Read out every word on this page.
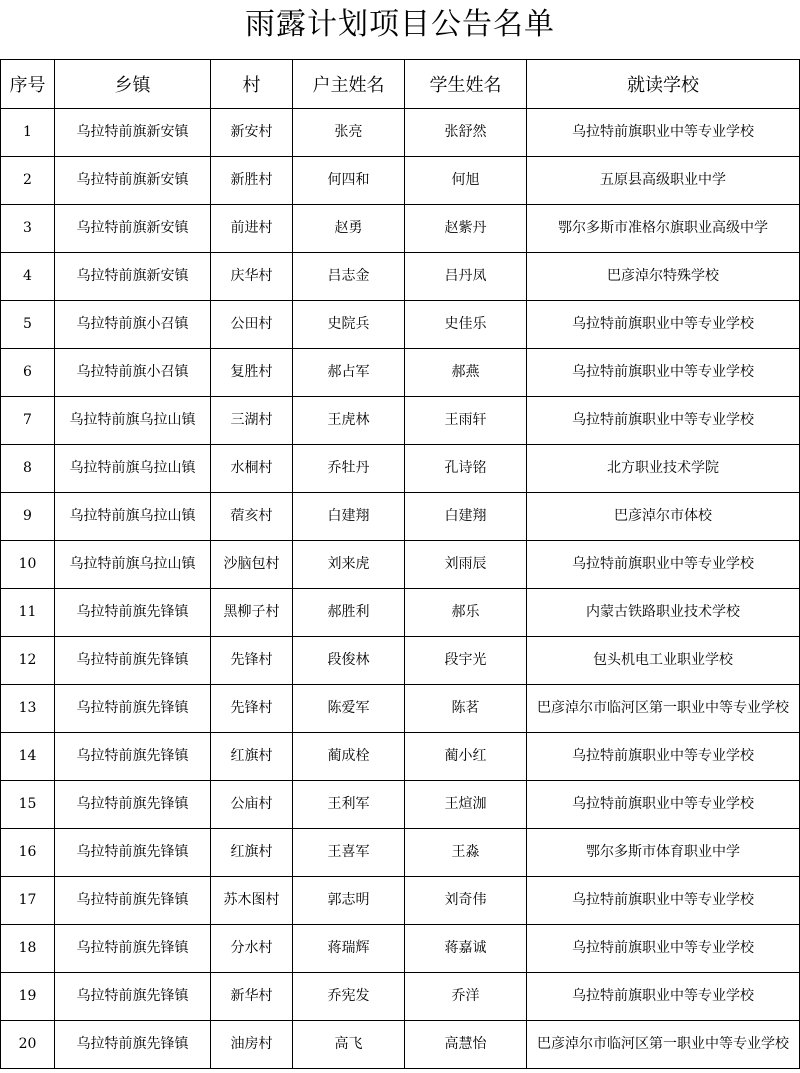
雨露计划项目公告名单
序号	乡镇	村	户主姓名	学生姓名	就读学校
1	乌拉特前旗新安镇	新安村	张亮	张舒然	乌拉特前旗职业中等专业学校
2	乌拉特前旗新安镇	新胜村	何四和	何旭	五原县高级职业中学
3	乌拉特前旗新安镇	前进村	赵勇	赵紫丹	鄂尔多斯市准格尔旗职业高级中学
4	乌拉特前旗新安镇	庆华村	吕志金	吕丹凤	巴彦淖尔特殊学校
5	乌拉特前旗小召镇	公田村	史院兵	史佳乐	乌拉特前旗职业中等专业学校
6	乌拉特前旗小召镇	复胜村	郝占军	郝燕	乌拉特前旗职业中等专业学校
7	乌拉特前旗乌拉山镇	三湖村	王虎林	王雨轩	乌拉特前旗职业中等专业学校
8	乌拉特前旗乌拉山镇	水桐村	乔牡丹	孔诗铭	北方职业技术学院
9	乌拉特前旗乌拉山镇	蓿亥村	白建翔	白建翔	巴彦淖尔市体校
10	乌拉特前旗乌拉山镇	沙脑包村	刘来虎	刘雨辰	乌拉特前旗职业中等专业学校
11	乌拉特前旗先锋镇	黑柳子村	郝胜利	郝乐	内蒙古铁路职业技术学校
12	乌拉特前旗先锋镇	先锋村	段俊林	段宇光	包头机电工业职业学校
13	乌拉特前旗先锋镇	先锋村	陈爱军	陈茗	巴彦淖尔市临河区第一职业中等专业学校
14	乌拉特前旗先锋镇	红旗村	蔺成栓	蔺小红	乌拉特前旗职业中等专业学校
15	乌拉特前旗先锋镇	公庙村	王利军	王煊泇	乌拉特前旗职业中等专业学校
16	乌拉特前旗先锋镇	红旗村	王喜军	王淼	鄂尔多斯市体育职业中学
17	乌拉特前旗先锋镇	苏木图村	郭志明	刘奇伟	乌拉特前旗职业中等专业学校
18	乌拉特前旗先锋镇	分水村	蒋瑞辉	蒋嘉诚	乌拉特前旗职业中等专业学校
19	乌拉特前旗先锋镇	新华村	乔宪发	乔洋	乌拉特前旗职业中等专业学校
20	乌拉特前旗先锋镇	油房村	高飞	高慧怡	巴彦淖尔市临河区第一职业中等专业学校
